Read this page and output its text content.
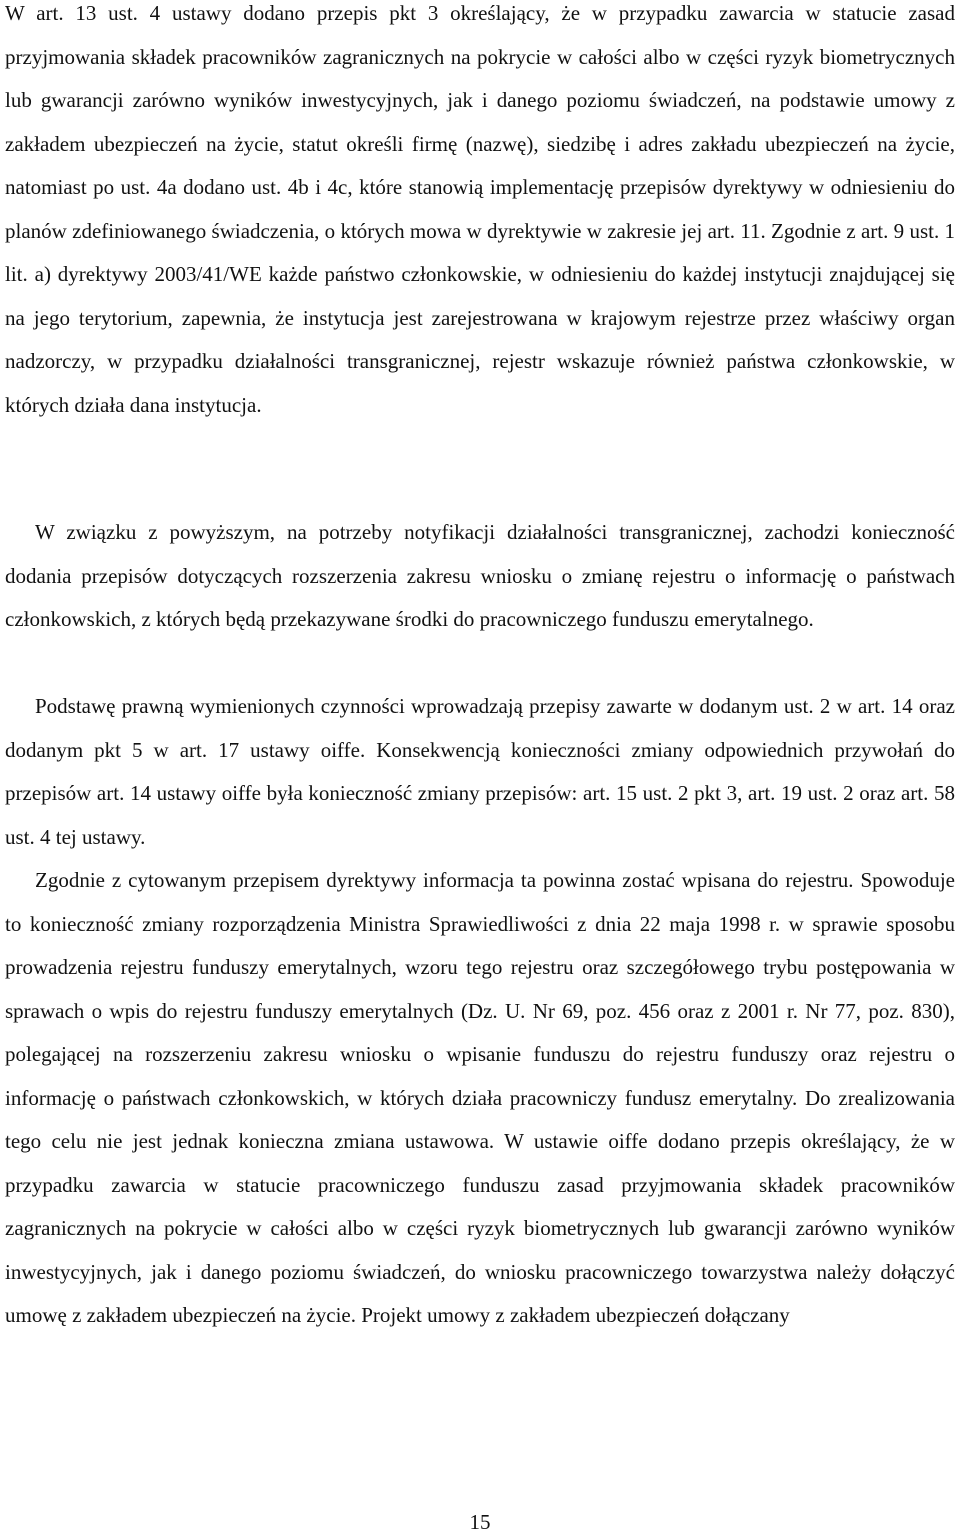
W art. 13 ust. 4 ustawy dodano przepis pkt 3 określający, że w przypadku zawarcia w statucie zasad przyjmowania składek pracowników zagranicznych na pokrycie w całości albo w części ryzyk biometrycznych lub gwarancji zarówno wyników inwestycyjnych, jak i danego poziomu świadczeń, na podstawie umowy z zakładem ubezpieczeń na życie, statut określi firmę (nazwę), siedzibę i adres zakładu ubezpieczeń na życie, natomiast po ust. 4a dodano ust. 4b i 4c, które stanowią implementację przepisów dyrektywy w odniesieniu do planów zdefiniowanego świadczenia, o których mowa w dyrektywie w zakresie jej art. 11. Zgodnie z art. 9 ust. 1 lit. a) dyrektywy 2003/41/WE każde państwo członkowskie, w odniesieniu do każdej instytucji znajdującej się na jego terytorium, zapewnia, że instytucja jest zarejestrowana w krajowym rejestrze przez właściwy organ nadzorczy, w przypadku działalności transgranicznej, rejestr wskazuje również państwa członkowskie, w których działa dana instytucja.

W związku z powyższym, na potrzeby notyfikacji działalności transgranicznej, zachodzi konieczność dodania przepisów dotyczących rozszerzenia zakresu wniosku o zmianę rejestru o informację o państwach członkowskich, z których będą przekazywane środki do pracowniczego funduszu emerytalnego.

Podstawę prawną wymienionych czynności wprowadzają przepisy zawarte w dodanym ust. 2 w art. 14 oraz dodanym pkt 5 w art. 17 ustawy oiffe. Konsekwencją konieczności zmiany odpowiednich przywołań do przepisów art. 14 ustawy oiffe była konieczność zmiany przepisów: art. 15 ust. 2 pkt 3, art. 19 ust. 2 oraz art. 58 ust. 4 tej ustawy.

Zgodnie z cytowanym przepisem dyrektywy informacja ta powinna zostać wpisana do rejestru. Spowoduje to konieczność zmiany rozporządzenia Ministra Sprawiedliwości z dnia 22 maja 1998 r. w sprawie sposobu prowadzenia rejestru funduszy emerytalnych, wzoru tego rejestru oraz szczegółowego trybu postępowania w sprawach o wpis do rejestru funduszy emerytalnych (Dz. U. Nr 69, poz. 456 oraz z 2001 r. Nr 77, poz. 830), polegającej na rozszerzeniu zakresu wniosku o wpisanie funduszu do rejestru funduszy oraz rejestru o informację o państwach członkowskich, w których działa pracowniczy fundusz emerytalny. Do zrealizowania tego celu nie jest jednak konieczna zmiana ustawowa. W ustawie oiffe dodano przepis określający, że w przypadku zawarcia w statucie pracowniczego funduszu zasad przyjmowania składek pracowników zagranicznych na pokrycie w całości albo w części ryzyk biometrycznych lub gwarancji zarówno wyników inwestycyjnych, jak i danego poziomu świadczeń, do wniosku pracowniczego towarzystwa należy dołączyć umowę z zakładem ubezpieczeń na życie. Projekt umowy z zakładem ubezpieczeń dołączany

15
